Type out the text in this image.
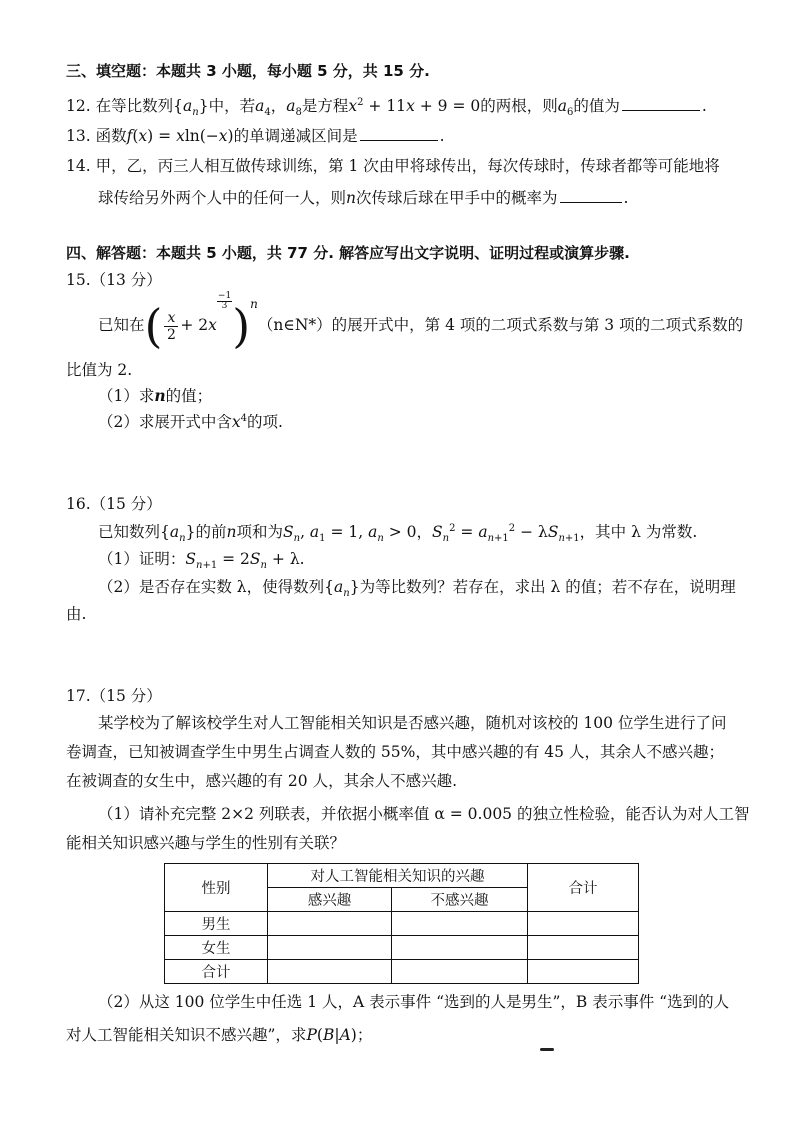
三、填空题：本题共 3 小题，每小题 5 分，共 15 分.
12. 在等比数列$\{a_n\}$中，若$a_4$，$a_8$是方程$x^2 + 11x + 9 = 0$的两根，则$a_6$的值为	.
13. 函数f(x) = xln(−x)的单调递减区间是	.
14. 甲，乙，丙三人相互做传球训练，第 1 次由甲将球传出，每次传球时，传球者都等可能地将
球传给另外两个人中的任何一人，则n次传球后球在甲手中的概率为	.
四、解答题：本题共 5 小题，共 77 分. 解答应写出文字说明、证明过程或演算步骤.
15.（13 分）
已知在( $\frac{x}{2} + 2x$
$\frac{-1}{3}$ )$^n$（n∈N*）的展开式中，第 4 项的二项式系数与第 3 项的二项式系数的
比值为 2.
（1）求n的值；
（2）求展开式中含$x^4$的项.
16.（15 分）
已知数列$\{a_n\}$的前n项和为$S_n$, $a_1 = 1$, $a_n > 0$，$S_n^2 = a_{n+1}^2 - \lambda S_{n+1}$，其中 λ 为常数.
（1）证明：$S_{n+1} = 2S_n + \lambda$.
（2）是否存在实数 λ，使得数列$\{a_n\}$为等比数列？若存在，求出 λ 的值；若不存在，说明理
由.
17.（15 分）
某学校为了解该校学生对人工智能相关知识是否感兴趣，随机对该校的 100 位学生进行了问
卷调查，已知被调查学生中男生占调查人数的 55%，其中感兴趣的有 45 人，其余人不感兴趣；
在被调查的女生中，感兴趣的有 20 人，其余人不感兴趣.
（1）请补充完整 2×2 列联表，并依据小概率值 α = 0.005 的独立性检验，能否认为对人工智
能相关知识感兴趣与学生的性别有关联？
性别	对人工智能相关知识的兴趣		合计
	感兴趣	不感兴趣	
男生			
女生			
合计			
（2）从这 100 位学生中任选 1 人，A 表示事件 “选到的人是男生”，B 表示事件 “选到的人
对人工智能相关知识不感兴趣”，求P(B|A)；
